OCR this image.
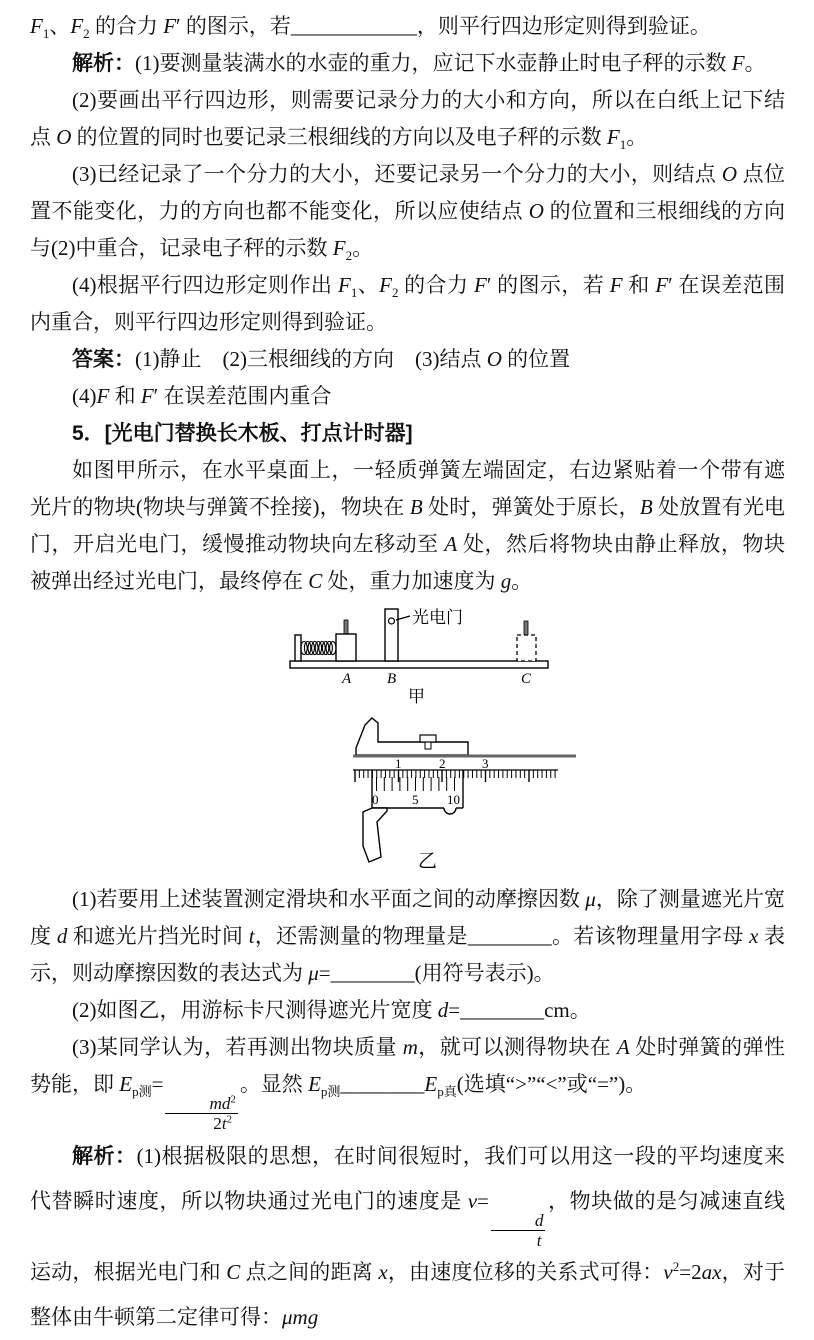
$F_1$、$F_2$ 的合力 F′ 的图示，若____________，则平行四边形定则得到验证。

解析：(1)要测量装满水的水壶的重力，应记下水壶静止时电子秤的示数 F。

(2)要画出平行四边形，则需要记录分力的大小和方向，所以在白纸上记下结点 O 的位置的同时也要记录三根细线的方向以及电子秤的示数 $F_1$。

(3)已经记录了一个分力的大小，还要记录另一个分力的大小，则结点 O 点位置不能变化，力的方向也都不能变化，所以应使结点 O 的位置和三根细线的方向与(2)中重合，记录电子秤的示数 $F_2$。

(4)根据平行四边形定则作出 $F_1$、$F_2$ 的合力 F′ 的图示，若 F 和 F′ 在误差范围内重合，则平行四边形定则得到验证。

答案：(1)静止　(2)三根细线的方向　(3)结点 O 的位置

(4)F 和 F′ 在误差范围内重合

5．[光电门替换长木板、打点计时器]

如图甲所示，在水平桌面上，一轻质弹簧左端固定，右边紧贴着一个带有遮光片的物块(物块与弹簧不拴接)，物块在 B 处时，弹簧处于原长，B 处放置有光电门，开启光电门，缓慢推动物块向左移动至 A 处，然后将物块由静止释放，物块被弹出经过光电门，最终停在 C 处，重力加速度为 g。

光电门
A B	C
甲
1	2	3
0	5 10
乙

(1)若要用上述装置测定滑块和水平面之间的动摩擦因数 μ，除了测量遮光片宽度 d 和遮光片挡光时间 t，还需测量的物理量是________。若该物理量用字母 x 表示，则动摩擦因数的表达式为 μ=________(用符号表示)。

(2)如图乙，用游标卡尺测得遮光片宽度 d=________cm。

(3)某同学认为，若再测出物块质量 m，就可以测得物块在 A 处时弹簧的弹性势能，即 $E_{p测}=$
$\frac{md^2}{2t^2}$
。显然 $E_{p测}\_\_\_\_\_\_\_\_E_{p真}$(选填“>”“<”或“=”)。

解析：(1)根据极限的思想，在时间很短时，我们可以用这一段的平均速度来代替瞬时速度，所以物块通过光电门的速度是 v=
$\frac{d}{t}$
，物块做的是匀减速直线运动，根据光电门和 C 点之间的距离 x，由速度位移的关系式可得：$v^2=2ax$，对于整体由牛顿第二定律可得：μmg
